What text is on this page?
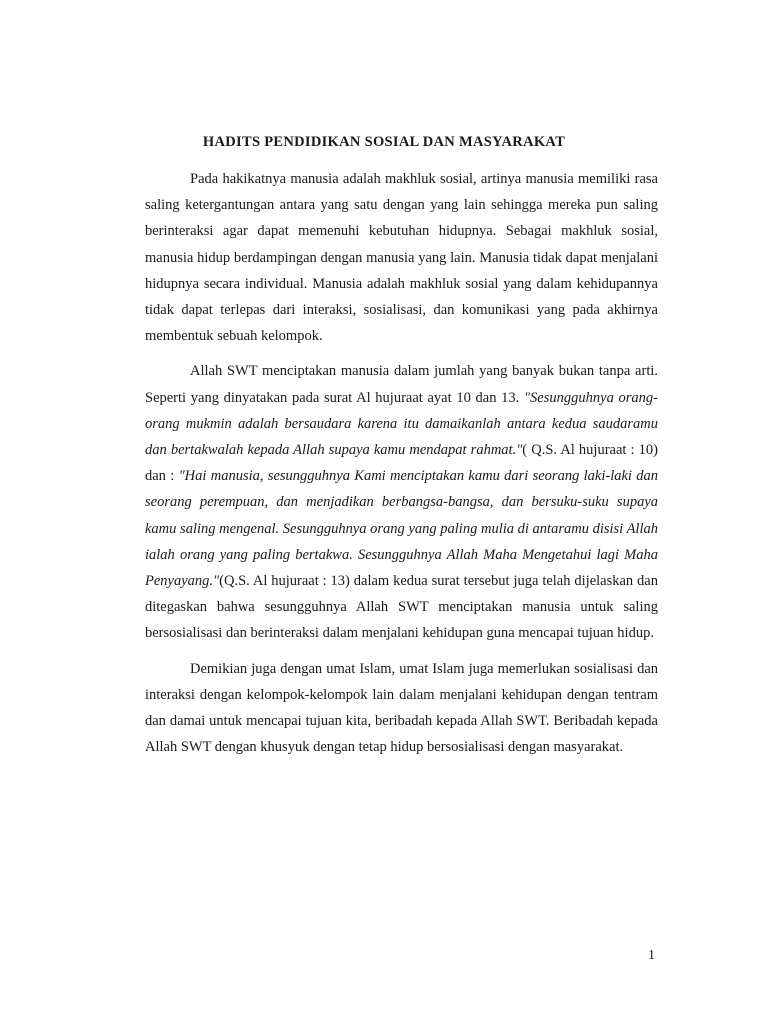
HADITS PENDIDIKAN SOSIAL DAN MASYARAKAT

Pada hakikatnya manusia adalah makhluk sosial, artinya manusia memiliki rasa saling ketergantungan antara yang satu dengan yang lain sehingga mereka pun saling berinteraksi agar dapat memenuhi kebutuhan hidupnya. Sebagai makhluk sosial, manusia hidup berdampingan dengan manusia yang lain. Manusia tidak dapat menjalani hidupnya secara individual. Manusia adalah makhluk sosial yang dalam kehidupannya tidak dapat terlepas dari interaksi, sosialisasi, dan komunikasi yang pada akhirnya membentuk sebuah kelompok.

Allah SWT menciptakan manusia dalam jumlah yang banyak bukan tanpa arti. Seperti yang dinyatakan pada surat Al hujuraat ayat 10 dan 13. "Sesungguhnya orang-orang mukmin adalah bersaudara karena itu damaikanlah antara kedua saudaramu dan bertakwalah kepada Allah supaya kamu mendapat rahmat."( Q.S. Al hujuraat : 10) dan : "Hai manusia, sesungguhnya Kami menciptakan kamu dari seorang laki-laki dan seorang perempuan, dan menjadikan berbangsa-bangsa, dan bersuku-suku supaya kamu saling mengenal. Sesungguhnya orang yang paling mulia di antaramu disisi Allah ialah orang yang paling bertakwa. Sesungguhnya Allah Maha Mengetahui lagi Maha Penyayang."(Q.S. Al hujuraat : 13) dalam kedua surat tersebut juga telah dijelaskan dan ditegaskan bahwa sesungguhnya Allah SWT menciptakan manusia untuk saling bersosialisasi dan berinteraksi dalam menjalani kehidupan guna mencapai tujuan hidup.

Demikian juga dengan umat Islam, umat Islam juga memerlukan sosialisasi dan interaksi dengan kelompok-kelompok lain dalam menjalani kehidupan dengan tentram dan damai untuk mencapai tujuan kita, beribadah kepada Allah SWT. Beribadah kepada Allah SWT dengan khusyuk dengan tetap hidup bersosialisasi dengan masyarakat.

1
